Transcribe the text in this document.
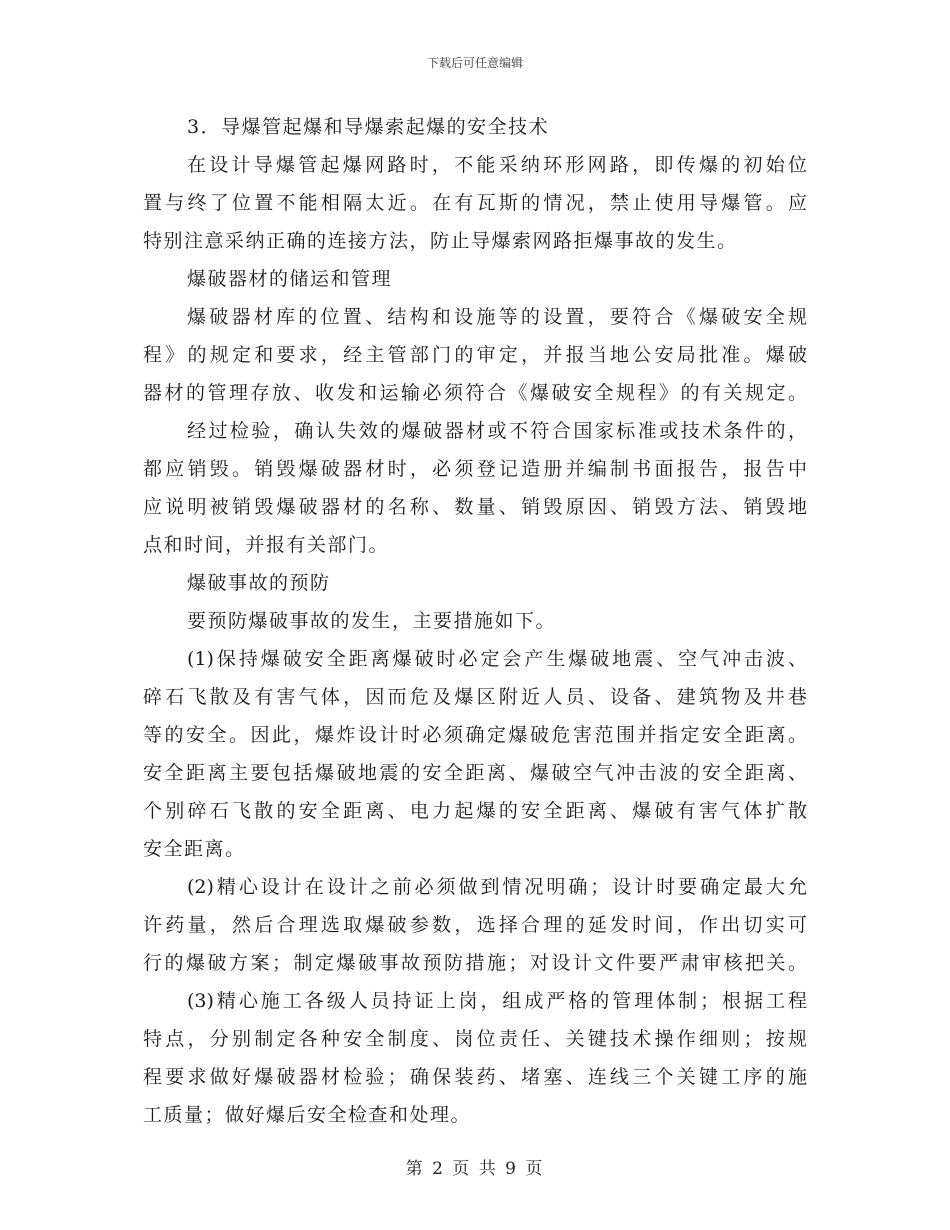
下载后可任意编辑
3．导爆管起爆和导爆索起爆的安全技术
在设计导爆管起爆网路时，不能采纳环形网路，即传爆的初始位
置与终了位置不能相隔太近。在有瓦斯的情况，禁止使用导爆管。应
特别注意采纳正确的连接方法，防止导爆索网路拒爆事故的发生。
爆破器材的储运和管理
爆破器材库的位置、结构和设施等的设置，要符合《爆破安全规
程》的规定和要求，经主管部门的审定，并报当地公安局批准。爆破
器材的管理存放、收发和运输必须符合《爆破安全规程》的有关规定。
经过检验，确认失效的爆破器材或不符合国家标准或技术条件的，
都应销毁。销毁爆破器材时，必须登记造册并编制书面报告，报告中
应说明被销毁爆破器材的名称、数量、销毁原因、销毁方法、销毁地
点和时间，并报有关部门。
爆破事故的预防
要预防爆破事故的发生，主要措施如下。
(1)保持爆破安全距离爆破时必定会产生爆破地震、空气冲击波、
碎石飞散及有害气体，因而危及爆区附近人员、设备、建筑物及井巷
等的安全。因此，爆炸设计时必须确定爆破危害范围并指定安全距离。
安全距离主要包括爆破地震的安全距离、爆破空气冲击波的安全距离、
个别碎石飞散的安全距离、电力起爆的安全距离、爆破有害气体扩散
安全距离。
(2)精心设计在设计之前必须做到情况明确；设计时要确定最大允
许药量，然后合理选取爆破参数，选择合理的延发时间，作出切实可
行的爆破方案；制定爆破事故预防措施；对设计文件要严肃审核把关。
(3)精心施工各级人员持证上岗，组成严格的管理体制；根据工程
特点，分别制定各种安全制度、岗位责任、关键技术操作细则；按规
程要求做好爆破器材检验；确保装药、堵塞、连线三个关键工序的施
工质量；做好爆后安全检查和处理。
第 2 页 共 9 页
